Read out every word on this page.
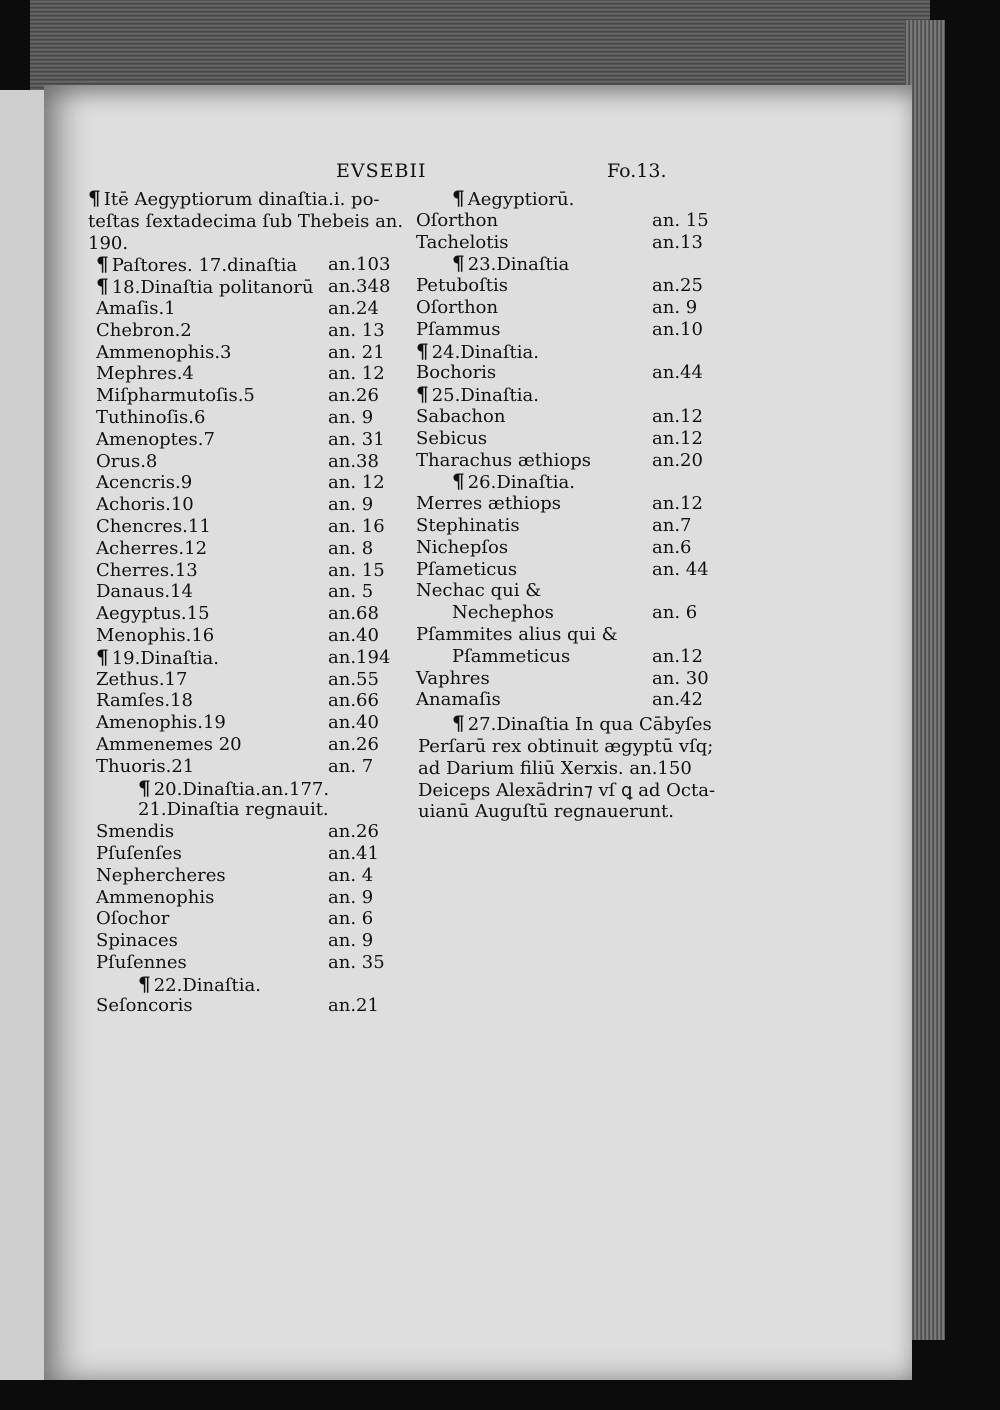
EVSEBII	Fo.13.
¶ Itē Aegyptiorum dinaſtia.i. po-
teſtas ſextadecima ſub Thebeis an.
190.
¶ Paſtores. 17.dinaſtia an.103
¶ 18.Dinaſtia politanorū an.348
Amaſis.1	an.24
Chebron.2	an. 13
Ammenophis.3	an. 21
Mephres.4	an. 12
Miſpharmutoſis.5	an.26
Tuthinoſis.6	an. 9
Amenoptes.7	an. 31
Orus.8	an.38
Acencris.9	an. 12
Achoris.10	an. 9
Chencres.11	an. 16
Acherres.12	an. 8
Cherres.13	an. 15
Danaus.14	an. 5
Aegyptus.15	an.68
Menophis.16	an.40
¶ 19.Dinaſtia.	an.194
Zethus.17	an.55
Ramſes.18	an.66
Amenophis.19	an.40
Ammenemes 20	an.26
Thuoris.21	an. 7
¶ 20.Dinaſtia.an.177.
21.Dinaſtia regnauit.
Smendis	an.26
Pſuſenſes	an.41
Nephercheres	an. 4
Ammenophis	an. 9
Oſochor	an. 6
Spinaces	an. 9
Pſuſennes	an. 35
¶ 22.Dinaſtia.
Seſoncoris	an.21
¶ Aegyptiorū.
Oſorthon	an. 15
Tachelotis	an.13
¶ 23.Dinaſtia
Petuboſtis	an.25
Oſorthon	an. 9
Pſammus	an.10
¶ 24.Dinaſtia.
Bochoris	an.44
¶ 25.Dinaſtia.
Sabachon	an.12
Sebicus	an.12
Tharachus æthiops	an.20
¶ 26.Dinaſtia.
Merres æthiops	an.12
Stephinatis	an.7
Nichepſos	an.6
Pſameticus	an. 44
Nechac qui &
Nechephos	an. 6
Pſammites alius qui &
Pſammeticus	an.12
Vaphres	an. 30
Anamaſis	an.42
¶ 27.Dinaſtia In qua Cābyſes
Perſarū rex obtinuit ægyptū vſq;
ad Darium filiū Xerxis. an.150
Deiceps Alexādrin⁊ vſ ꝗ ad Octa-
uianū Auguſtū regnauerunt.
